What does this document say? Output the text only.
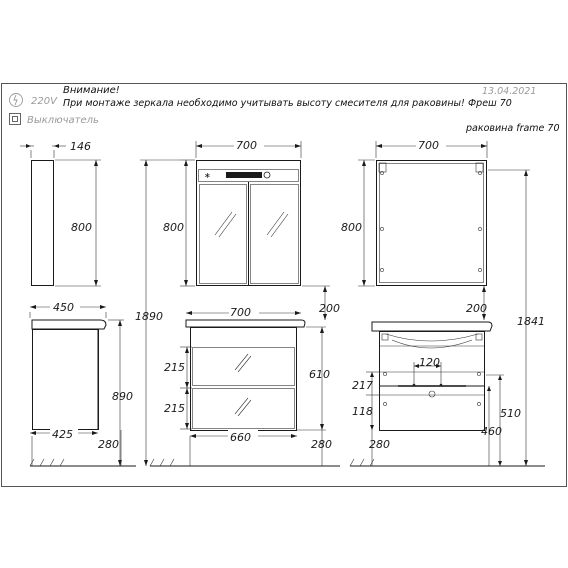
Внимание!
При монтаже зеркала необходимо учитывать высоту смесителя для раковины! Фреш 70
13.04.2021
раковина frame 70
220V
Выключатель
146
800
450
425
890
280
∗
700
800
1890
200
700
215
215
610
660
280
700
800
200
1841
120
217
118	510
460
280
